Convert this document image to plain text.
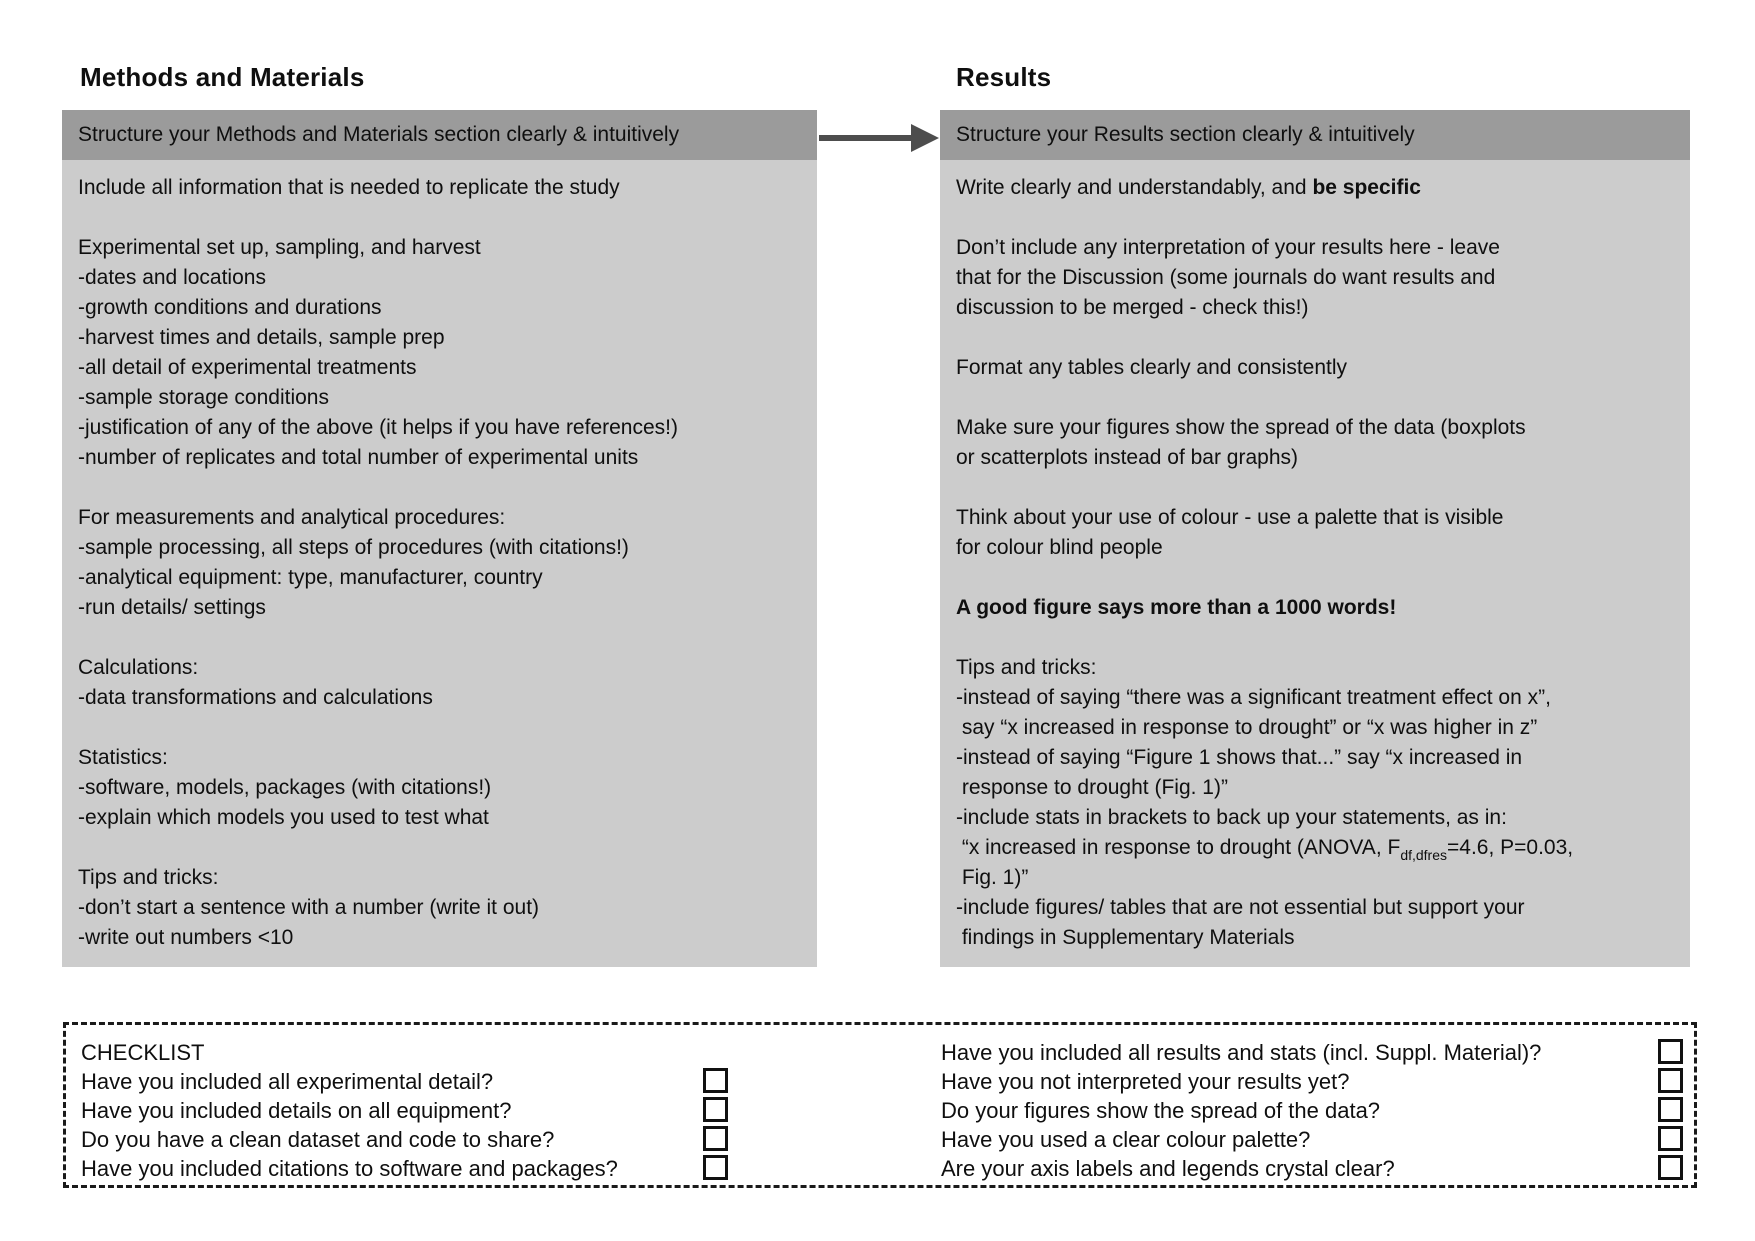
Methods and Materials	Results
Structure your Methods and Materials section clearly & intuitively	Structure your Results section clearly & intuitively
Include all information that is needed to replicate the study

Experimental set up, sampling, and harvest
-dates and locations
-growth conditions and durations
-harvest times and details, sample prep
-all detail of experimental treatments
-sample storage conditions
-justification of any of the above (it helps if you have references!)
-number of replicates and total number of experimental units

For measurements and analytical procedures:
-sample processing, all steps of procedures (with citations!)
-analytical equipment: type, manufacturer, country
-run details/ settings

Calculations:
-data transformations and calculations

Statistics:
-software, models, packages (with citations!)
-explain which models you used to test what

Tips and tricks:
-don’t start a sentence with a number (write it out)
-write out numbers <10
Write clearly and understandably, and be specific

Don’t include any interpretation of your results here - leave
that for the Discussion (some journals do want results and
discussion to be merged - check this!)

Format any tables clearly and consistently

Make sure your figures show the spread of the data (boxplots
or scatterplots instead of bar graphs)

Think about your use of colour - use a palette that is visible
for colour blind people

A good figure says more than a 1000 words!

Tips and tricks:
-instead of saying “there was a significant treatment effect on x”,
say “x increased in response to drought” or “x was higher in z”
-instead of saying “Figure 1 shows that...” say “x increased in
response to drought (Fig. 1)”
-include stats in brackets to back up your statements, as in:
“x increased in response to drought (ANOVA, $F_{df,dfres}=4.6$, P=0.03,
Fig. 1)”
-include figures/ tables that are not essential but support your
findings in Supplementary Materials
CHECKLIST
Have you included all experimental detail?
Have you included details on all equipment?
Do you have a clean dataset and code to share?
Have you included citations to software and packages?
Have you included all results and stats (incl. Suppl. Material)?
Have you not interpreted your results yet?
Do your figures show the spread of the data?
Have you used a clear colour palette?
Are your axis labels and legends crystal clear?
